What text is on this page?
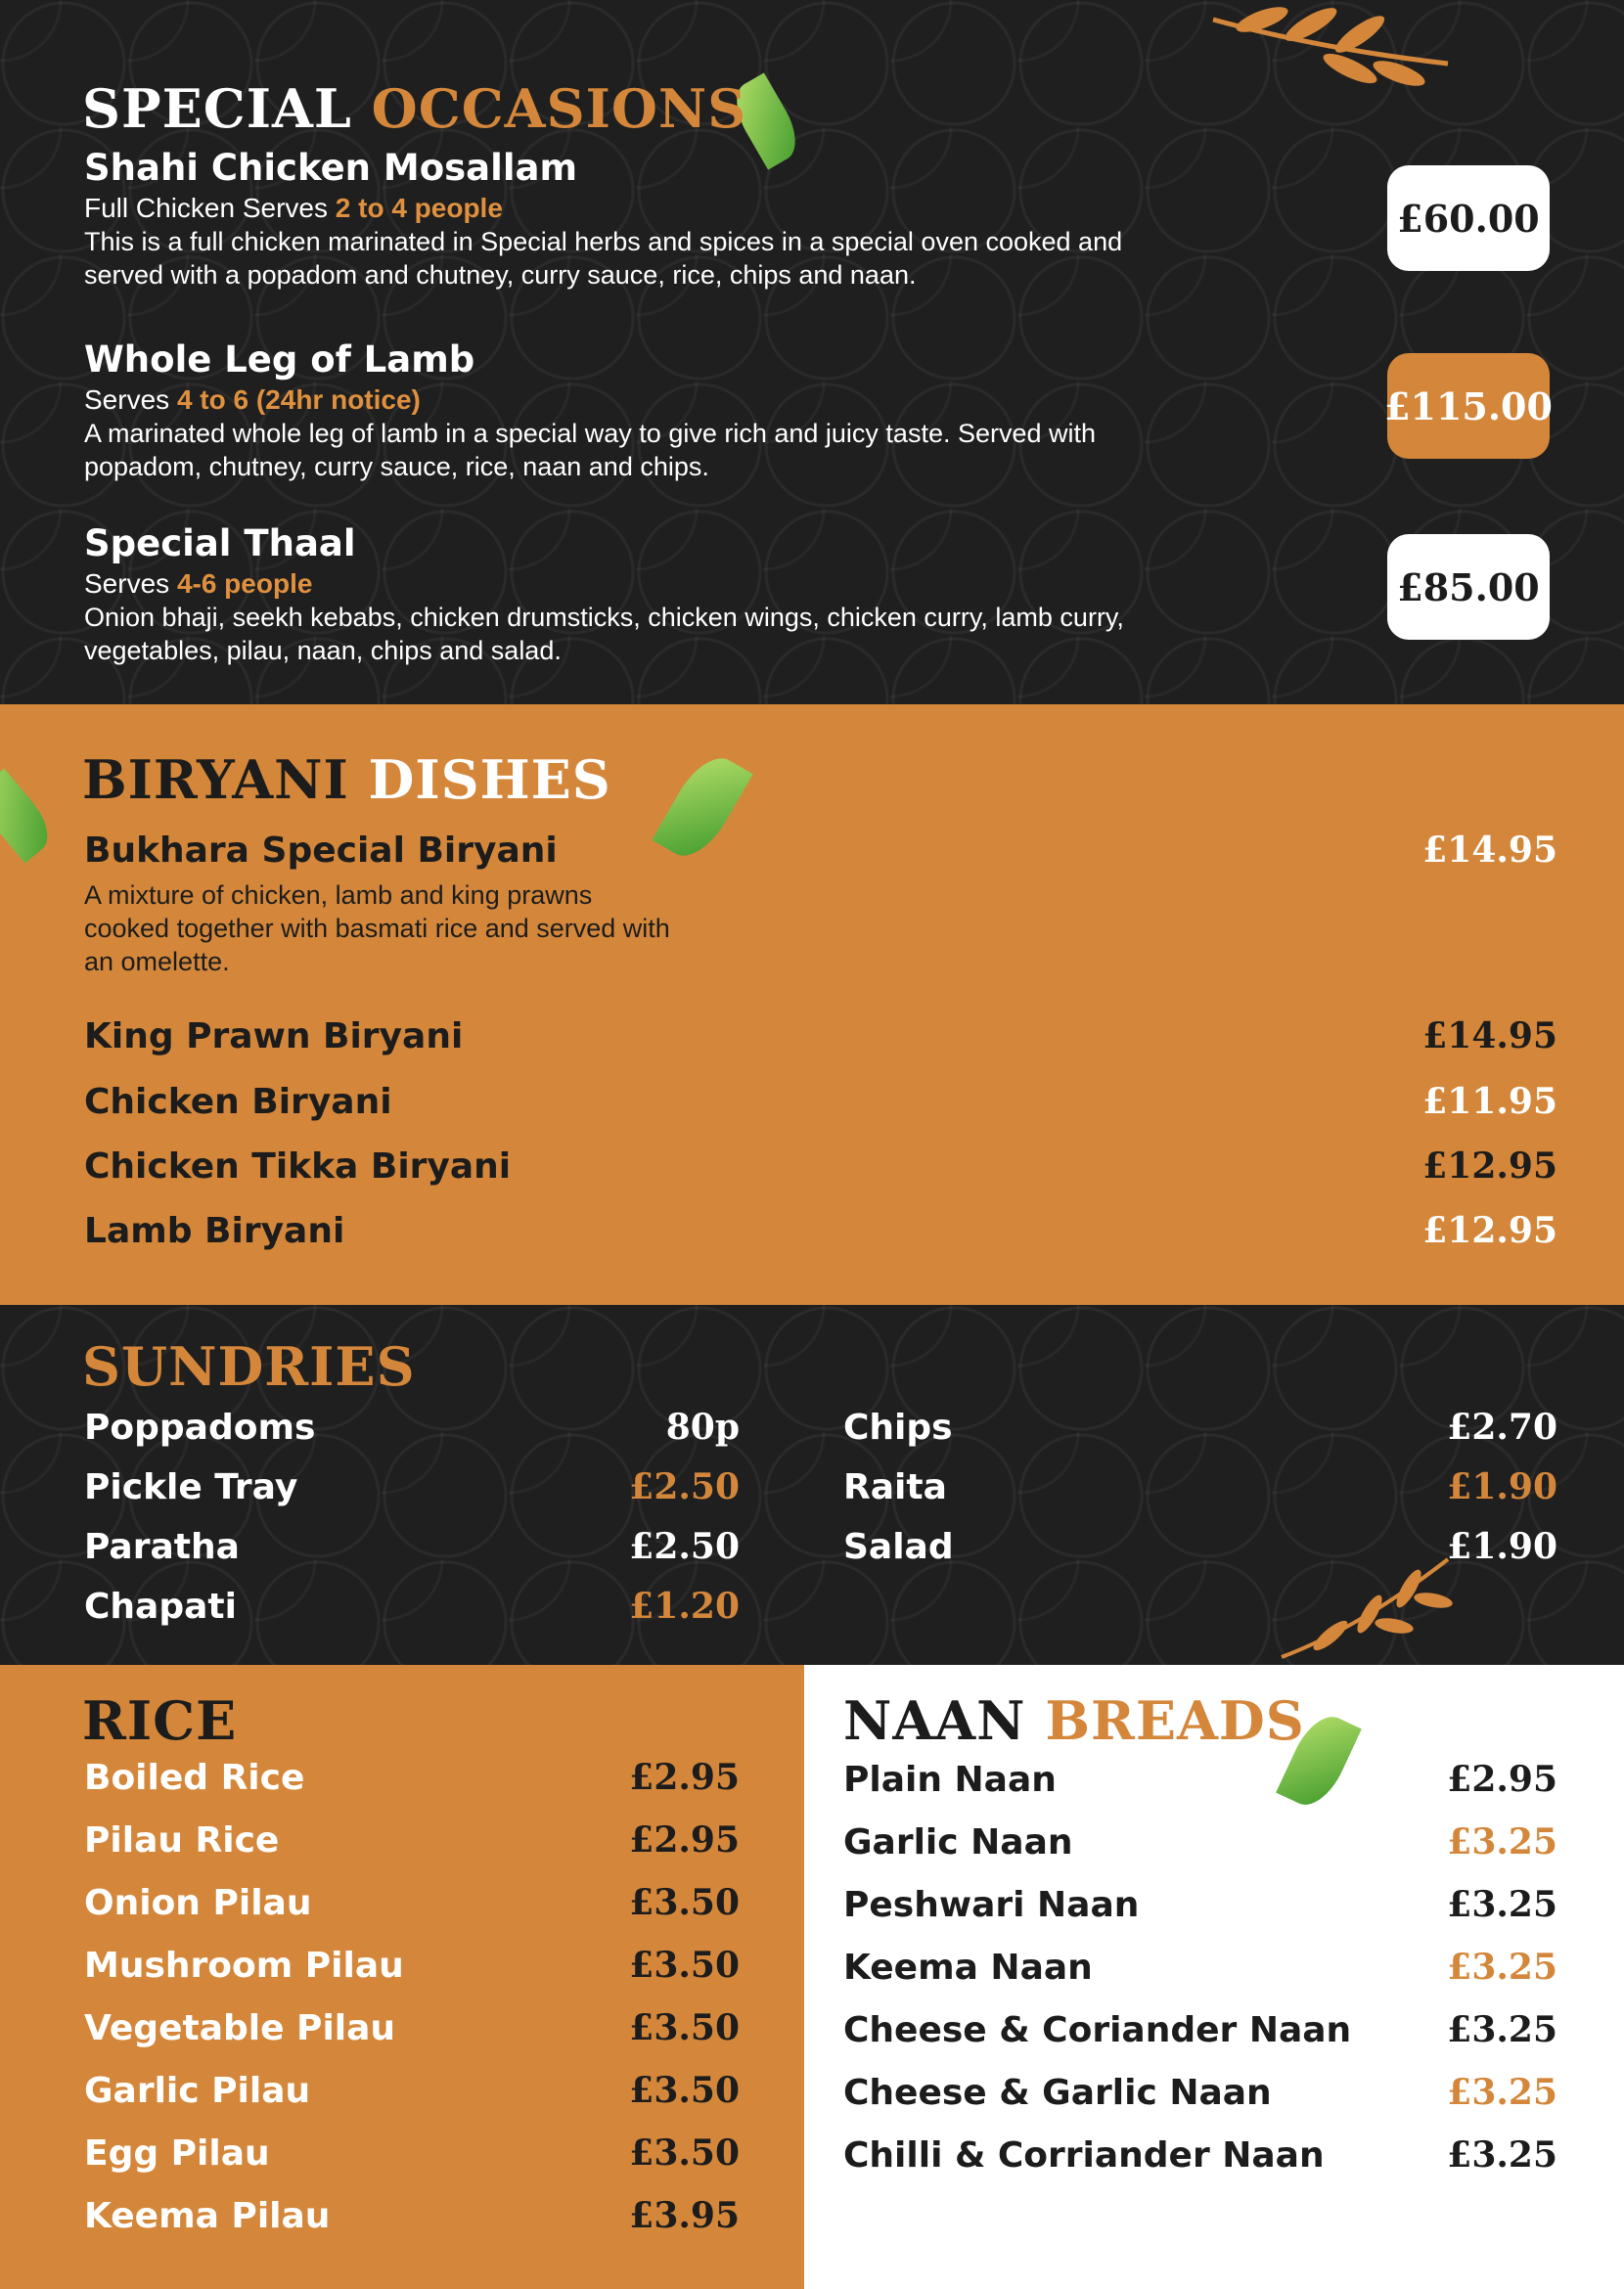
SPECIAL OCCASIONS
Shahi Chicken Mosallam
Full Chicken Serves 2 to 4 people
This is a full chicken marinated in Special herbs and spices in a special oven cooked and served with a popadom and chutney, curry sauce, rice, chips and naan.
£60.00
Whole Leg of Lamb
Serves 4 to 6 (24hr notice)
A marinated whole leg of lamb in a special way to give rich and juicy taste. Served with popadom, chutney, curry sauce, rice, naan and chips.
£115.00
Special Thaal
Serves 4-6 people
Onion bhaji, seekh kebabs, chicken drumsticks, chicken wings, chicken curry, lamb curry, vegetables, pilau, naan, chips and salad.
£85.00
BIRYANI DISHES
Bukhara Special Biryani	£14.95
A mixture of chicken, lamb and king prawns cooked together with basmati rice and served with an omelette.
King Prawn Biryani	£14.95
Chicken Biryani	£11.95
Chicken Tikka Biryani	£12.95
Lamb Biryani	£12.95
SUNDRIES
Poppadoms	80p
Pickle Tray	£2.50
Paratha	£2.50
Chapati	£1.20
Chips	£2.70
Raita	£1.90
Salad	£1.90
RICE
Boiled Rice	£2.95
Pilau Rice	£2.95
Onion Pilau	£3.50
Mushroom Pilau	£3.50
Vegetable Pilau	£3.50
Garlic Pilau	£3.50
Egg Pilau	£3.50
Keema Pilau	£3.95
NAAN BREADS
Plain Naan	£2.95
Garlic Naan	£3.25
Peshwari Naan	£3.25
Keema Naan	£3.25
Cheese & Coriander Naan	£3.25
Cheese & Garlic Naan	£3.25
Chilli & Corriander Naan	£3.25
